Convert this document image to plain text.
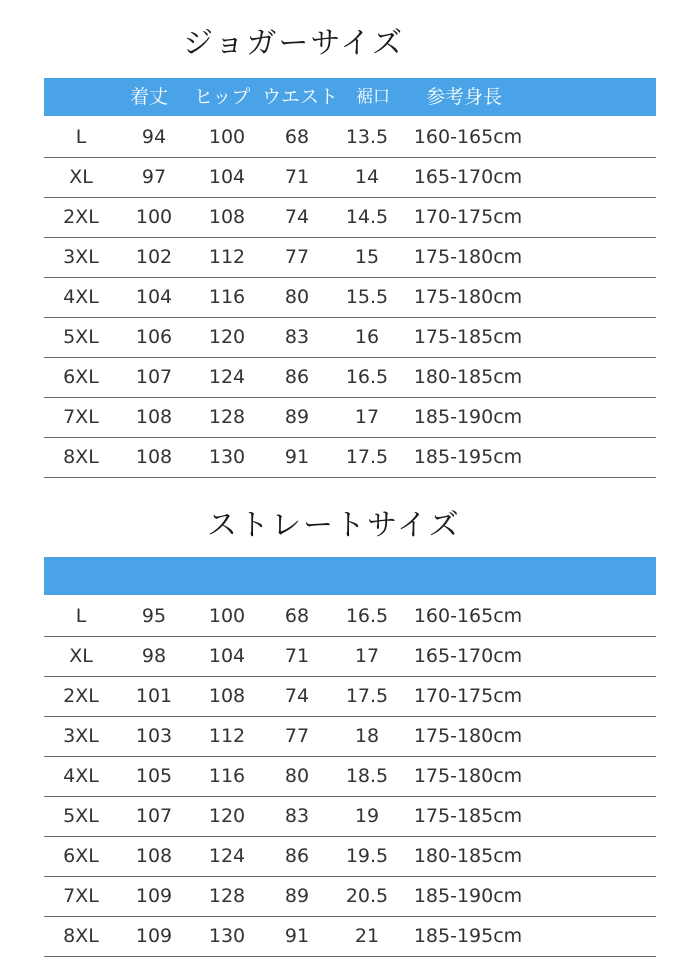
ジョガーサイズ
着丈 ヒップ ウエスト 裾口 参考身長
L	94	100	68	13.5 160-165cm
XL	97	104	71	14	165-170cm
2XL	100	108	74	14.5 170-175cm
3XL	102	112	77	15	175-180cm
4XL	104	116	80	15.5 175-180cm
5XL	106	120	83	16	175-185cm
6XL	107	124	86	16.5 180-185cm
7XL	108	128	89	17	185-190cm
8XL	108	130	91	17.5 185-195cm
ストレートサイズ
L	95	100	68	16.5 160-165cm
XL	98	104	71	17	165-170cm
2XL	101	108	74	17.5 170-175cm
3XL	103	112	77	18	175-180cm
4XL	105	116	80	18.5 175-180cm
5XL	107	120	83	19	175-185cm
6XL	108	124	86	19.5 180-185cm
7XL	109	128	89	20.5 185-190cm
8XL	109	130	91	21	185-195cm
